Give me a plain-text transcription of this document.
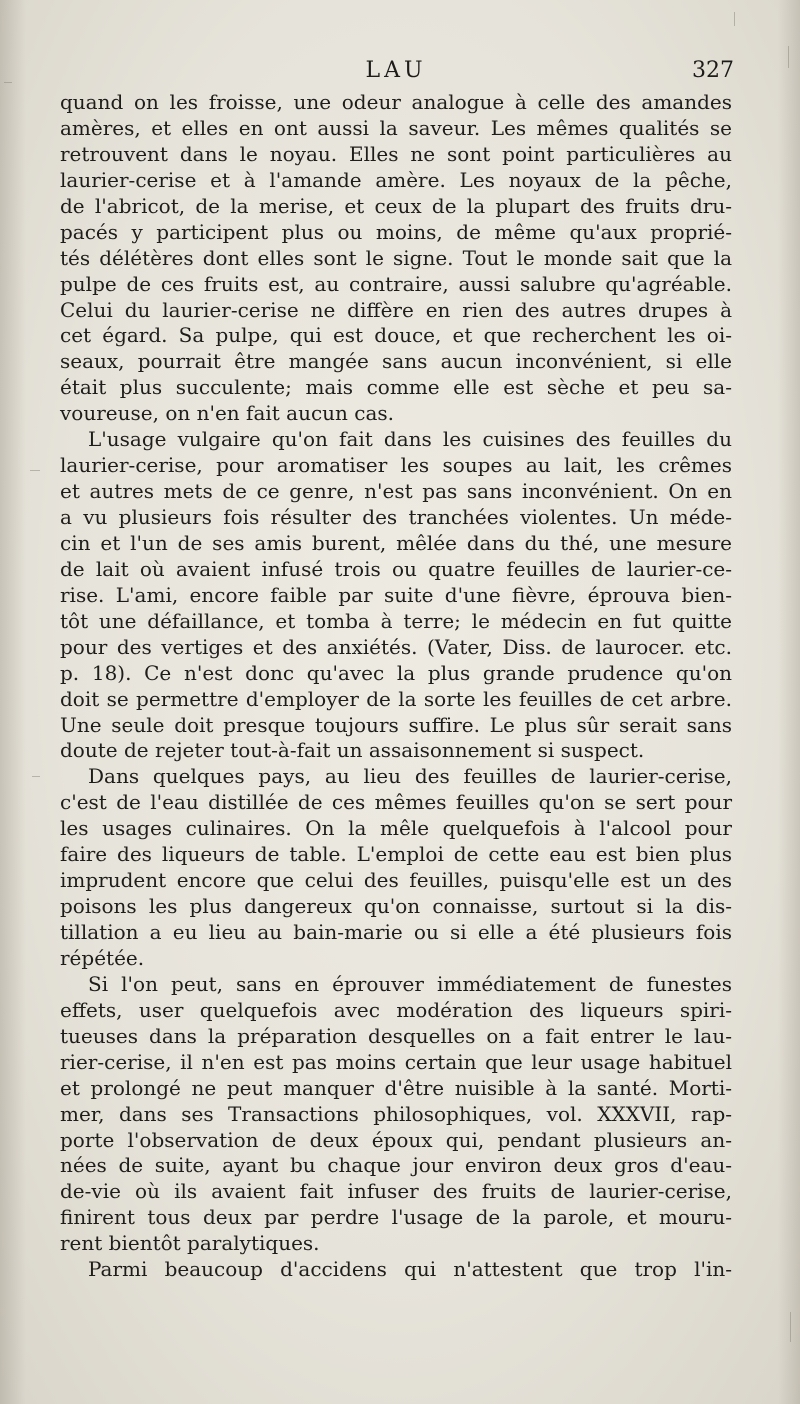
LAU	327
quand on les froisse, une odeur analogue à celle des amandes
amères, et elles en ont aussi la saveur. Les mêmes qualités se
retrouvent dans le noyau. Elles ne sont point particulières au
laurier-cerise et à l'amande amère. Les noyaux de la pêche,
de l'abricot, de la merise, et ceux de la plupart des fruits dru-
pacés y participent plus ou moins, de même qu'aux proprié-
tés délétères dont elles sont le signe. Tout le monde sait que la
pulpe de ces fruits est, au contraire, aussi salubre qu'agréable.
Celui du laurier-cerise ne diffère en rien des autres drupes à
cet égard. Sa pulpe, qui est douce, et que recherchent les oi-
seaux, pourrait être mangée sans aucun inconvénient, si elle
était plus succulente; mais comme elle est sèche et peu sa-
voureuse, on n'en fait aucun cas.
L'usage vulgaire qu'on fait dans les cuisines des feuilles du
laurier-cerise, pour aromatiser les soupes au lait, les crêmes
et autres mets de ce genre, n'est pas sans inconvénient. On en
a vu plusieurs fois résulter des tranchées violentes. Un méde-
cin et l'un de ses amis burent, mêlée dans du thé, une mesure
de lait où avaient infusé trois ou quatre feuilles de laurier-ce-
rise. L'ami, encore faible par suite d'une fièvre, éprouva bien-
tôt une défaillance, et tomba à terre; le médecin en fut quitte
pour des vertiges et des anxiétés. (Vater, Diss. de laurocer. etc.
p. 18). Ce n'est donc qu'avec la plus grande prudence qu'on
doit se permettre d'employer de la sorte les feuilles de cet arbre.
Une seule doit presque toujours suffire. Le plus sûr serait sans
doute de rejeter tout-à-fait un assaisonnement si suspect.
Dans quelques pays, au lieu des feuilles de laurier-cerise,
c'est de l'eau distillée de ces mêmes feuilles qu'on se sert pour
les usages culinaires. On la mêle quelquefois à l'alcool pour
faire des liqueurs de table. L'emploi de cette eau est bien plus
imprudent encore que celui des feuilles, puisqu'elle est un des
poisons les plus dangereux qu'on connaisse, surtout si la dis-
tillation a eu lieu au bain-marie ou si elle a été plusieurs fois
répétée.
Si l'on peut, sans en éprouver immédiatement de funestes
effets, user quelquefois avec modération des liqueurs spiri-
tueuses dans la préparation desquelles on a fait entrer le lau-
rier-cerise, il n'en est pas moins certain que leur usage habituel
et prolongé ne peut manquer d'être nuisible à la santé. Morti-
mer, dans ses Transactions philosophiques, vol. XXXVII, rap-
porte l'observation de deux époux qui, pendant plusieurs an-
nées de suite, ayant bu chaque jour environ deux gros d'eau-
de-vie où ils avaient fait infuser des fruits de laurier-cerise,
finirent tous deux par perdre l'usage de la parole, et mouru-
rent bientôt paralytiques.
Parmi beaucoup d'accidens qui n'attestent que trop l'in-
